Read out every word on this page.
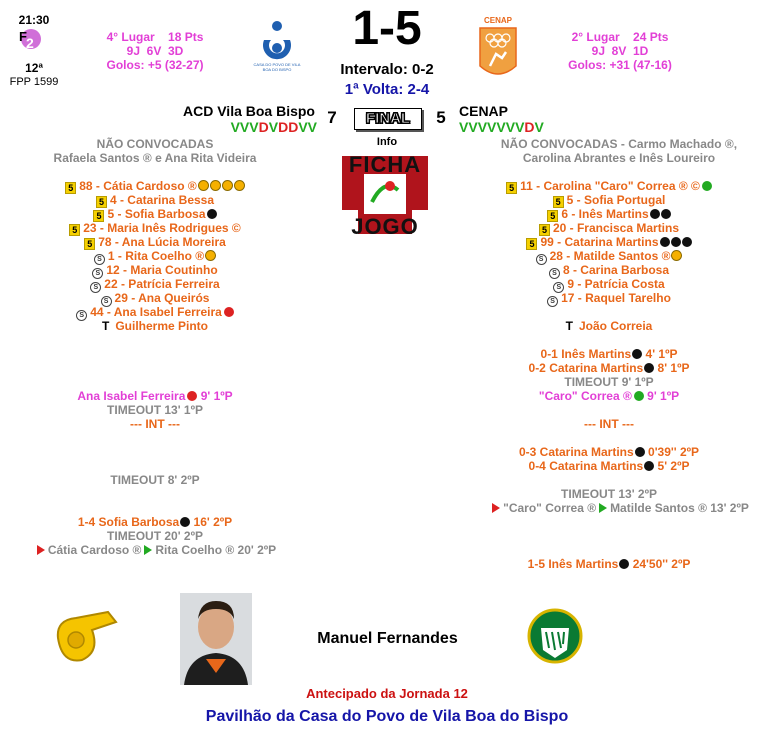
21:30
F 2
12ª
FPP 1599
4° Lugar    18 Pts
9J  6V  3D
Golos: +5 (32-27)	CASA DO POVO DE VILA BOA DO BISPO
1-5
Intervalo: 0-2
1ª Volta: 2-4
2° Lugar    24 Pts
9J  8V  1D
Golos: +31 (47-16)
CENAP
ACD Vila Boa Bispo
VVVDVDDVV 7	FINAL	5 CENAP
VVVVVVVDV
Info
FICHA
JOGO
NÃO CONVOCADAS
Rafaela Santos ® e Ana Rita Videira
NÃO CONVOCADAS - Carmo Machado ®,
Carolina Abrantes e Inês Loureiro
5 88 - Cátia Cardoso ®
5 4 - Catarina Bessa
5 5 - Sofia Barbosa
5 23 - Maria Inês Rodrigues ©
5 78 - Ana Lúcia Moreira
S 1 - Rita Coelho ®
S 12 - Maria Coutinho
S 22 - Patrícia Ferreira
S 29 - Ana Queirós
S 44 - Ana Isabel Ferreira
T Guilherme Pinto
5 11 - Carolina "Caro" Correa ® ©
5 5 - Sofia Portugal
5 6 - Inês Martins
5 20 - Francisca Martins
5 99 - Catarina Martins
S 28 - Matilde Santos ®
S 8 - Carina Barbosa
S 9 - Patrícia Costa
S 17 - Raquel Tarelho
T João Correia
Ana Isabel Ferreira 9' 1ºP
TIMEOUT 13' 1ºP
--- INT ---
TIMEOUT 8' 2ºP
1-4 Sofia Barbosa 16' 2ºP
TIMEOUT 20' 2ºP
0-1 Inês Martins 4' 1ºP
0-2 Catarina Martins 8' 1ºP
TIMEOUT 9' 1ºP
"Caro" Correa ® 9' 1ºP
--- INT ---
0-3 Catarina Martins 0'39'' 2ºP
0-4 Catarina Martins 5' 2ºP
TIMEOUT 13' 2ºP
1-5 Inês Martins 24'50'' 2ºP
Cátia Cardoso ® Rita Coelho ® 20' 2ºP
"Caro" Correa ® Matilde Santos ® 13' 2ºP
Manuel Fernandes
Antecipado da Jornada 12
Pavilhão da Casa do Povo de Vila Boa do Bispo
